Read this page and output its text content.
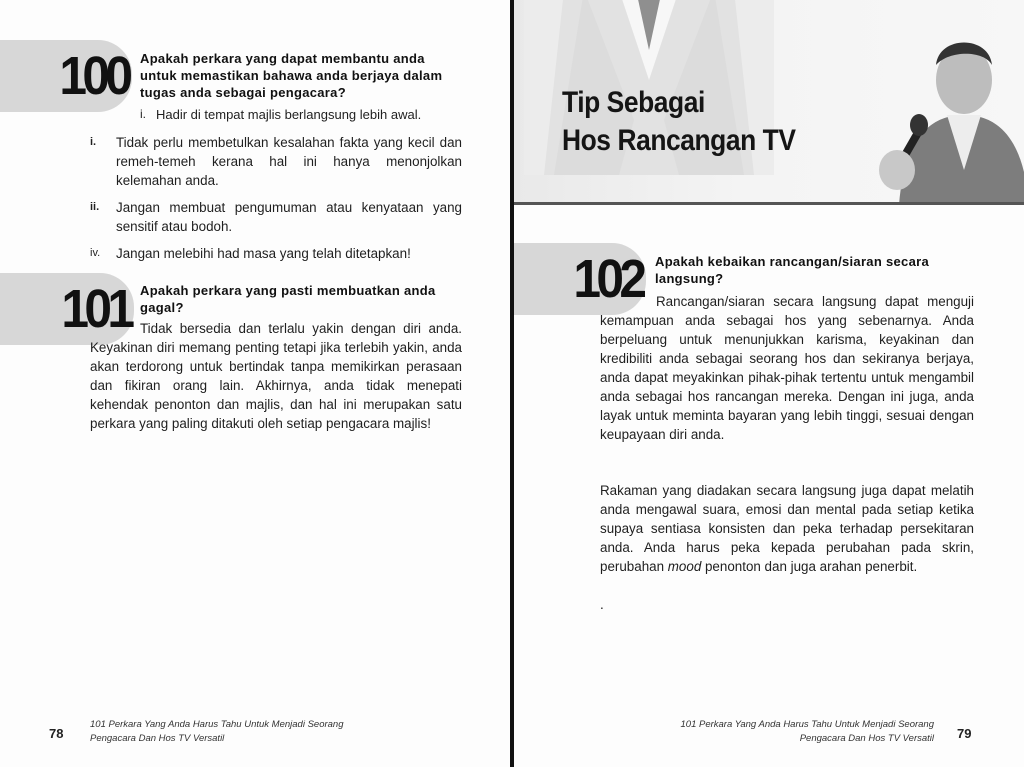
100 Apakah perkara yang dapat membantu anda untuk memastikan bahawa anda berjaya dalam tugas anda sebagai pengacara?
i. Hadir di tempat majlis berlangsung lebih awal.
i.	Tidak perlu membetulkan kesalahan fakta yang kecil dan remeh-temeh kerana hal ini hanya menonjolkan kelemahan anda.
ii.	Jangan membuat pengumuman atau kenyataan yang sensitif atau bodoh.
iv.	Jangan melebihi had masa yang telah ditetapkan!
101 Apakah perkara yang pasti membuatkan anda gagal?
Tidak bersedia dan terlalu yakin dengan diri anda. Keyakinan diri memang penting tetapi jika terlebih yakin, anda akan terdorong untuk bertindak tanpa memikirkan perasaan dan fikiran orang lain. Akhirnya, anda tidak menepati kehendak penonton dan majlis, dan hal ini merupakan satu perkara yang paling ditakuti oleh setiap pengacara majlis!
78
101 Perkara Yang Anda Harus Tahu Untuk Menjadi Seorang
Pengacara Dan Hos TV Versatil
Tip Sebagai
Hos Rancangan TV
102 Apakah kebaikan rancangan/siaran secara langsung?
Rancangan/siaran secara langsung dapat menguji kemampuan anda sebagai hos yang sebenarnya. Anda berpeluang untuk menunjukkan karisma, keyakinan dan kredibiliti anda sebagai seorang hos dan sekiranya berjaya, anda dapat meyakinkan pihak-pihak tertentu untuk mengambil anda sebagai hos rancangan mereka. Dengan ini juga, anda layak untuk meminta bayaran yang lebih tinggi, sesuai dengan keupayaan diri anda.
Rakaman yang diadakan secara langsung juga dapat melatih anda mengawal suara, emosi dan mental pada setiap ketika supaya sentiasa konsisten dan peka terhadap persekitaran anda. Anda harus peka kepada perubahan pada skrin, perubahan mood penonton dan juga arahan penerbit.
.
101 Perkara Yang Anda Harus Tahu Untuk Menjadi Seorang
Pengacara Dan Hos TV Versatil 79
